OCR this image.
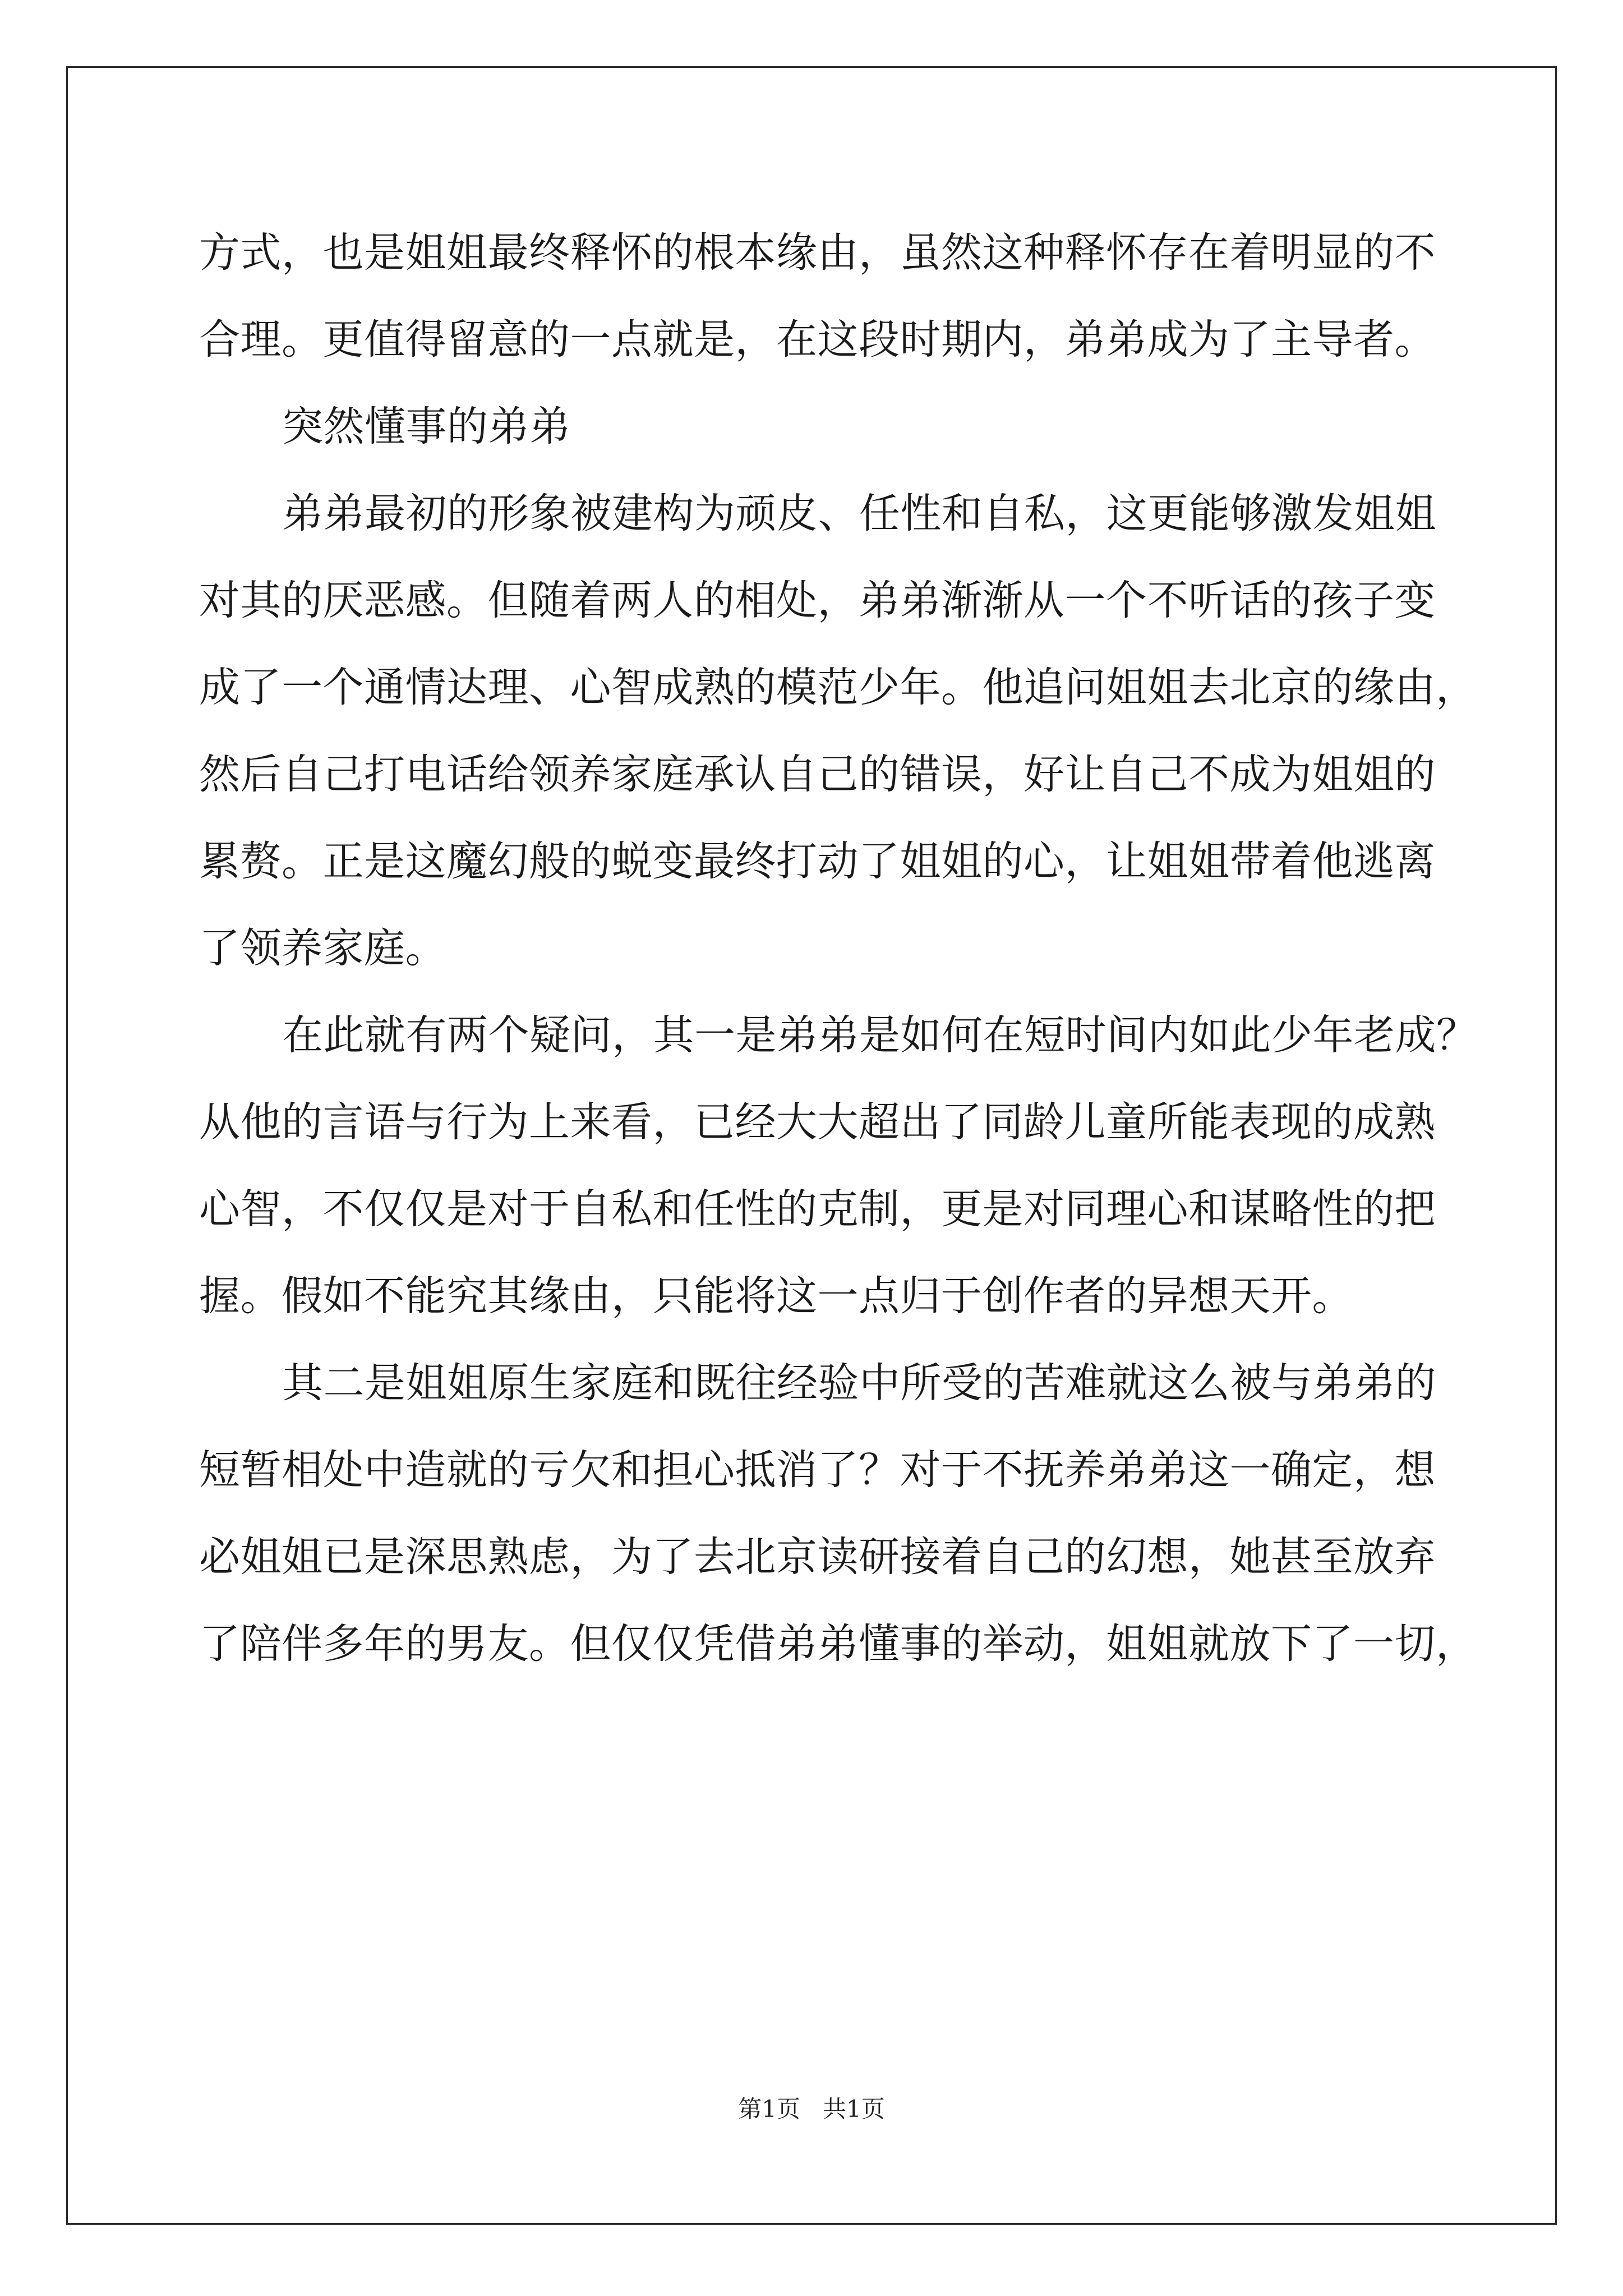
方式，也是姐姐最终释怀的根本缘由，虽然这种释怀存在着明显的不

合理。更值得留意的一点就是，在这段时期内，弟弟成为了主导者。

突然懂事的弟弟

弟弟最初的形象被建构为顽皮、任性和自私，这更能够激发姐姐

对其的厌恶感。但随着两人的相处，弟弟渐渐从一个不听话的孩子变

成了一个通情达理、心智成熟的模范少年。他追问姐姐去北京的缘由，

然后自己打电话给领养家庭承认自己的错误，好让自己不成为姐姐的

累赘。正是这魔幻般的蜕变最终打动了姐姐的心，让姐姐带着他逃离

了领养家庭。

在此就有两个疑问，其一是弟弟是如何在短时间内如此少年老成？

从他的言语与行为上来看，已经大大超出了同龄儿童所能表现的成熟

心智，不仅仅是对于自私和任性的克制，更是对同理心和谋略性的把

握。假如不能究其缘由，只能将这一点归于创作者的异想天开。

其二是姐姐原生家庭和既往经验中所受的苦难就这么被与弟弟的

短暂相处中造就的亏欠和担心抵消了？对于不抚养弟弟这一确定，想

必姐姐已是深思熟虑，为了去北京读研接着自己的幻想，她甚至放弃

了陪伴多年的男友。但仅仅凭借弟弟懂事的举动，姐姐就放下了一切，

第1页 共1页
